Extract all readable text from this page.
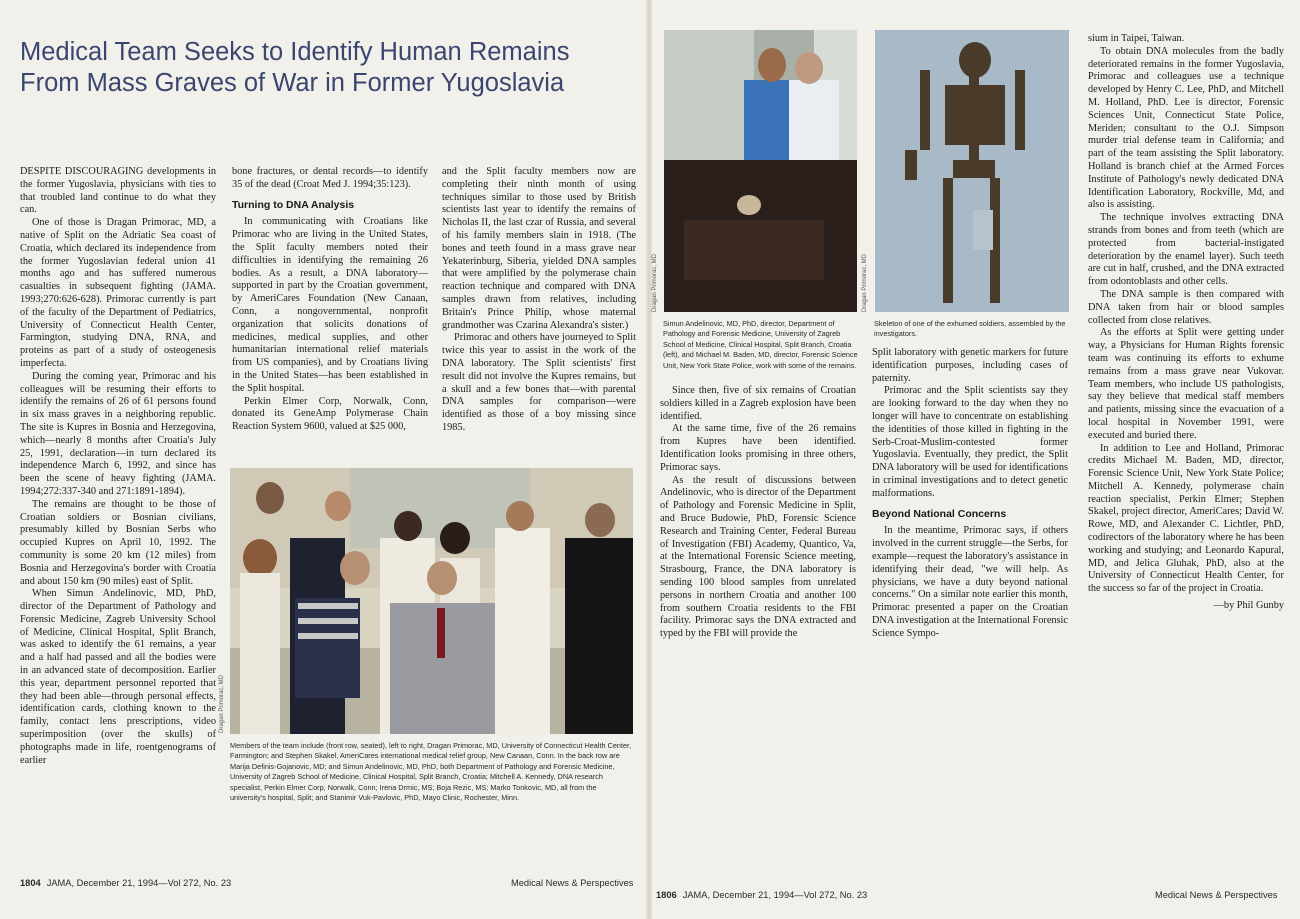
Medical Team Seeks to Identify Human Remains
From Mass Graves of War in Former Yugoslavia

DESPITE DISCOURAGING developments in the former Yugoslavia, physicians with ties to that troubled land continue to do what they can.

One of those is Dragan Primorac, MD, a native of Split on the Adriatic Sea coast of Croatia, which declared its independence from the former Yugoslavian federal union 41 months ago and has suffered numerous casualties in subsequent fighting (JAMA. 1993;270:626-628). Primorac currently is part of the faculty of the Department of Pediatrics, University of Connecticut Health Center, Farmington, studying DNA, RNA, and proteins as part of a study of osteogenesis imperfecta.

During the coming year, Primorac and his colleagues will be resuming their efforts to identify the remains of 26 of 61 persons found in six mass graves in a neighboring republic. The site is Kupres in Bosnia and Herzegovina, which—nearly 8 months after Croatia's July 25, 1991, declaration—in turn declared its independence March 6, 1992, and since has been the scene of heavy fighting (JAMA. 1994;272:337-340 and 271:1891-1894).

The remains are thought to be those of Croatian soldiers or Bosnian civilians, presumably killed by Bosnian Serbs who occupied Kupres on April 10, 1992. The community is some 20 km (12 miles) from Bosnia and Herzegovina's border with Croatia and about 150 km (90 miles) east of Split.

When Simun Andelinovic, MD, PhD, director of the Department of Pathology and Forensic Medicine, Zagreb University School of Medicine, Clinical Hospital, Split Branch, was asked to identify the 61 remains, a year and a half had passed and all the bodies were in an advanced state of decomposition. Earlier this year, department personnel reported that they had been able—through personal effects, identification cards, clothing known to the family, contact lens prescriptions, video superimposition (over the skulls) of photographs made in life, roentgenograms of earlier

bone fractures, or dental records—to identify 35 of the dead (Croat Med J. 1994;35:123).

Turning to DNA Analysis

In communicating with Croatians like Primorac who are living in the United States, the Split faculty members noted their difficulties in identifying the remaining 26 bodies. As a result, a DNA laboratory—supported in part by the Croatian government, by AmeriCares Foundation (New Canaan, Conn, a nongovernmental, nonprofit organization that solicits donations of medicines, medical supplies, and other humanitarian international relief materials from US companies), and by Croatians living in the United States—has been established in the Split hospital.

Perkin Elmer Corp, Norwalk, Conn, donated its GeneAmp Polymerase Chain Reaction System 9600, valued at $25 000,

and the Split faculty members now are completing their ninth month of using techniques similar to those used by British scientists last year to identify the remains of Nicholas II, the last czar of Russia, and several of his family members slain in 1918. (The bones and teeth found in a mass grave near Yekaterinburg, Siberia, yielded DNA samples that were amplified by the polymerase chain reaction technique and compared with DNA samples drawn from relatives, including Britain's Prince Philip, whose maternal grandmother was Czarina Alexandra's sister.)

Primorac and others have journeyed to Split twice this year to assist in the work of the DNA laboratory. The Split scientists' first result did not involve the Kupres remains, but a skull and a few bones that—with parental DNA samples for comparison—were identified as those of a boy missing since 1985.

Dragan Primorac, MD
Members of the team include (front row, seated), left to right, Dragan Primorac, MD, University of Connecticut Health Center, Farmington; and Stephen Skakel, AmeriCares international medical relief group, New Canaan, Conn. In the back row are Marija Definis-Gojanovic, MD; and Simun Andelinovic, MD, PhD, both Department of Pathology and Forensic Medicine, University of Zagreb School of Medicine, Clinical Hospital, Split Branch, Croatia; Mitchell A. Kennedy, DNA research specialist, Perkin Elmer Corp, Norwalk, Conn; Irena Drmic, MS; Boja Rezic, MS; Marko Tonkovic, MD, all from the university's hospital, Split; and Stanimir Vuk-Pavlovic, PhD, Mayo Clinic, Rochester, Minn.
1804 JAMA, December 21, 1994—Vol 272, No. 23	Medical News & Perspectives
Dragan Primorac, MD
Simun Andelinovic, MD, PhD, director, Department of Pathology and Forensic Medicine, University of Zagreb School of Medicine, Clinical Hospital, Split Branch, Croatia (left), and Michael M. Baden, MD, director, Forensic Science Unit, New York State Police, work with some of the remains.
Dragan Primorac, MD
Skeleton of one of the exhumed soldiers, assembled by the investigators.

Since then, five of six remains of Croatian soldiers killed in a Zagreb explosion have been identified.

At the same time, five of the 26 remains from Kupres have been identified. Identification looks promising in three others, Primorac says.

As the result of discussions between Andelinovic, who is director of the Department of Pathology and Forensic Medicine in Split, and Bruce Budowie, PhD, Forensic Science Research and Training Center, Federal Bureau of Investigation (FBI) Academy, Quantico, Va, at the International Forensic Science meeting, Strasbourg, France, the DNA laboratory is sending 100 blood samples from unrelated persons in northern Croatia and another 100 from southern Croatia residents to the FBI facility. Primorac says the DNA extracted and typed by the FBI will provide the

Split laboratory with genetic markers for future identification purposes, including cases of paternity.

Primorac and the Split scientists say they are looking forward to the day when they no longer will have to concentrate on establishing the identities of those killed in fighting in the Serb-Croat-Muslim-contested former Yugoslavia. Eventually, they predict, the Split DNA laboratory will be used for identifications in criminal investigations and to detect genetic malformations.

Beyond National Concerns

In the meantime, Primorac says, if others involved in the current struggle—the Serbs, for example—request the laboratory's assistance in identifying their dead, "we will help. As physicians, we have a duty beyond national concerns." On a similar note earlier this month, Primorac presented a paper on the Croatian DNA investigation at the International Forensic Science Sympo-

sium in Taipei, Taiwan.

To obtain DNA molecules from the badly deteriorated remains in the former Yugoslavia, Primorac and colleagues use a technique developed by Henry C. Lee, PhD, and Mitchell M. Holland, PhD. Lee is director, Forensic Sciences Unit, Connecticut State Police, Meriden; consultant to the O.J. Simpson murder trial defense team in California; and part of the team assisting the Split laboratory. Holland is branch chief at the Armed Forces Institute of Pathology's newly dedicated DNA Identification Laboratory, Rockville, Md, and also is assisting.

The technique involves extracting DNA strands from bones and from teeth (which are protected from bacterial-instigated deterioration by the enamel layer). Such teeth are cut in half, crushed, and the DNA extracted from odontoblasts and other cells.

The DNA sample is then compared with DNA taken from hair or blood samples collected from close relatives.

As the efforts at Split were getting under way, a Physicians for Human Rights forensic team was continuing its efforts to exhume remains from a mass grave near Vukovar. Team members, who include US pathologists, say they believe that medical staff members and patients, missing since the evacuation of a local hospital in November 1991, were executed and buried there.

In addition to Lee and Holland, Primorac credits Michael M. Baden, MD, director, Forensic Science Unit, New York State Police; Mitchell A. Kennedy, polymerase chain reaction specialist, Perkin Elmer; Stephen Skakel, project director, AmeriCares; David W. Rowe, MD, and Alexander C. Lichtler, PhD, codirectors of the laboratory where he has been working and studying; and Leonardo Kapural, MD, and Jelica Gluhak, PhD, also at the University of Connecticut Health Center, for the success so far of the project in Croatia.

—by Phil Gunby

1806 JAMA, December 21, 1994—Vol 272, No. 23	Medical News & Perspectives
